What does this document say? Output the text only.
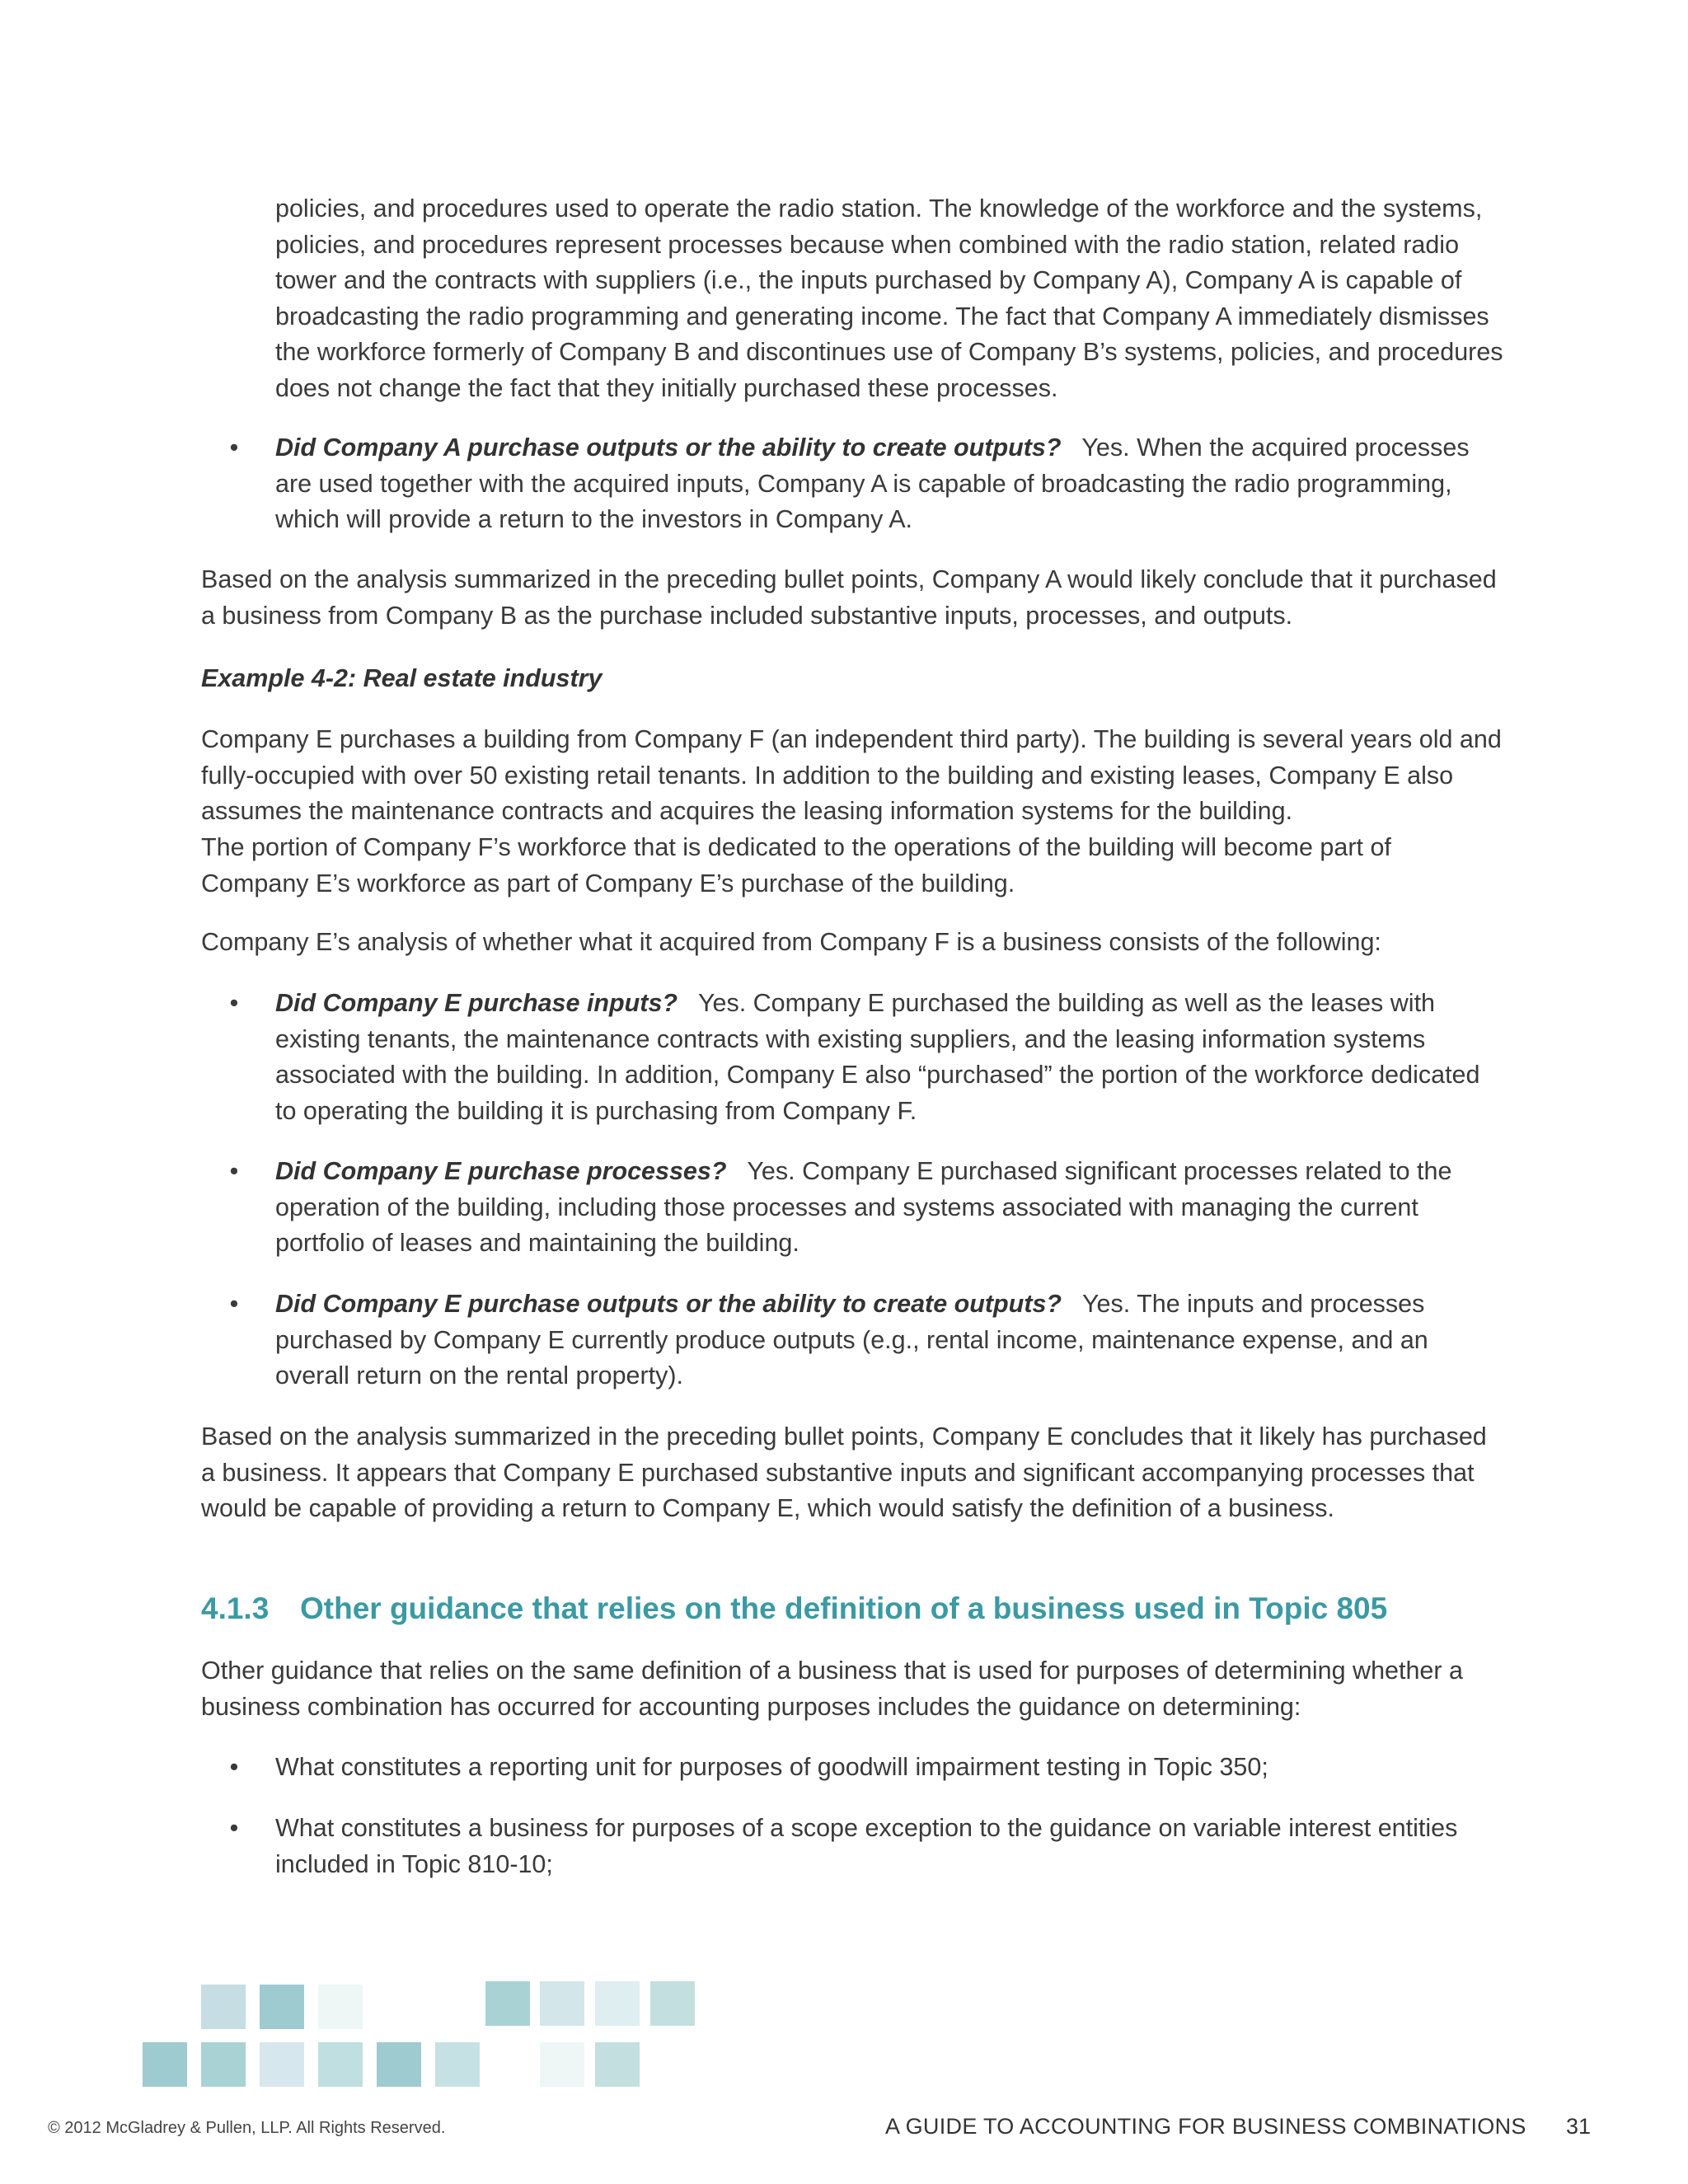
policies, and procedures used to operate the radio station. The knowledge of the workforce and the systems, policies, and procedures represent processes because when combined with the radio station, related radio tower and the contracts with suppliers (i.e., the inputs purchased by Company A), Company A is capable of broadcasting the radio programming and generating income. The fact that Company A immediately dismisses the workforce formerly of Company B and discontinues use of Company B’s systems, policies, and procedures does not change the fact that they initially purchased these processes.

• Did Company A purchase outputs or the ability to create outputs? Yes. When the acquired processes are used together with the acquired inputs, Company A is capable of broadcasting the radio programming, which will provide a return to the investors in Company A.

Based on the analysis summarized in the preceding bullet points, Company A would likely conclude that it purchased a business from Company B as the purchase included substantive inputs, processes, and outputs.

Example 4-2: Real estate industry

Company E purchases a building from Company F (an independent third party). The building is several years old and fully-occupied with over 50 existing retail tenants. In addition to the building and existing leases, Company E also assumes the maintenance contracts and acquires the leasing information systems for the building.

The portion of Company F’s workforce that is dedicated to the operations of the building will become part of Company E’s workforce as part of Company E’s purchase of the building.

Company E’s analysis of whether what it acquired from Company F is a business consists of the following:

• Did Company E purchase inputs? Yes. Company E purchased the building as well as the leases with existing tenants, the maintenance contracts with existing suppliers, and the leasing information systems associated with the building. In addition, Company E also “purchased” the portion of the workforce dedicated to operating the building it is purchasing from Company F.
• Did Company E purchase processes? Yes. Company E purchased significant processes related to the operation of the building, including those processes and systems associated with managing the current portfolio of leases and maintaining the building.
• Did Company E purchase outputs or the ability to create outputs? Yes. The inputs and processes purchased by Company E currently produce outputs (e.g., rental income, maintenance expense, and an overall return on the rental property).

Based on the analysis summarized in the preceding bullet points, Company E concludes that it likely has purchased a business. It appears that Company E purchased substantive inputs and significant accompanying processes that would be capable of providing a return to Company E, which would satisfy the definition of a business.

4.1.3 Other guidance that relies on the definition of a business used in Topic 805

Other guidance that relies on the same definition of a business that is used for purposes of determining whether a business combination has occurred for accounting purposes includes the guidance on determining:

• What constitutes a reporting unit for purposes of goodwill impairment testing in Topic 350;
• What constitutes a business for purposes of a scope exception to the guidance on variable interest entities included in Topic 810-10;
© 2012 McGladrey & Pullen, LLP. All Rights Reserved.	A GUIDE TO ACCOUNTING FOR BUSINESS COMBINATIONS 31
